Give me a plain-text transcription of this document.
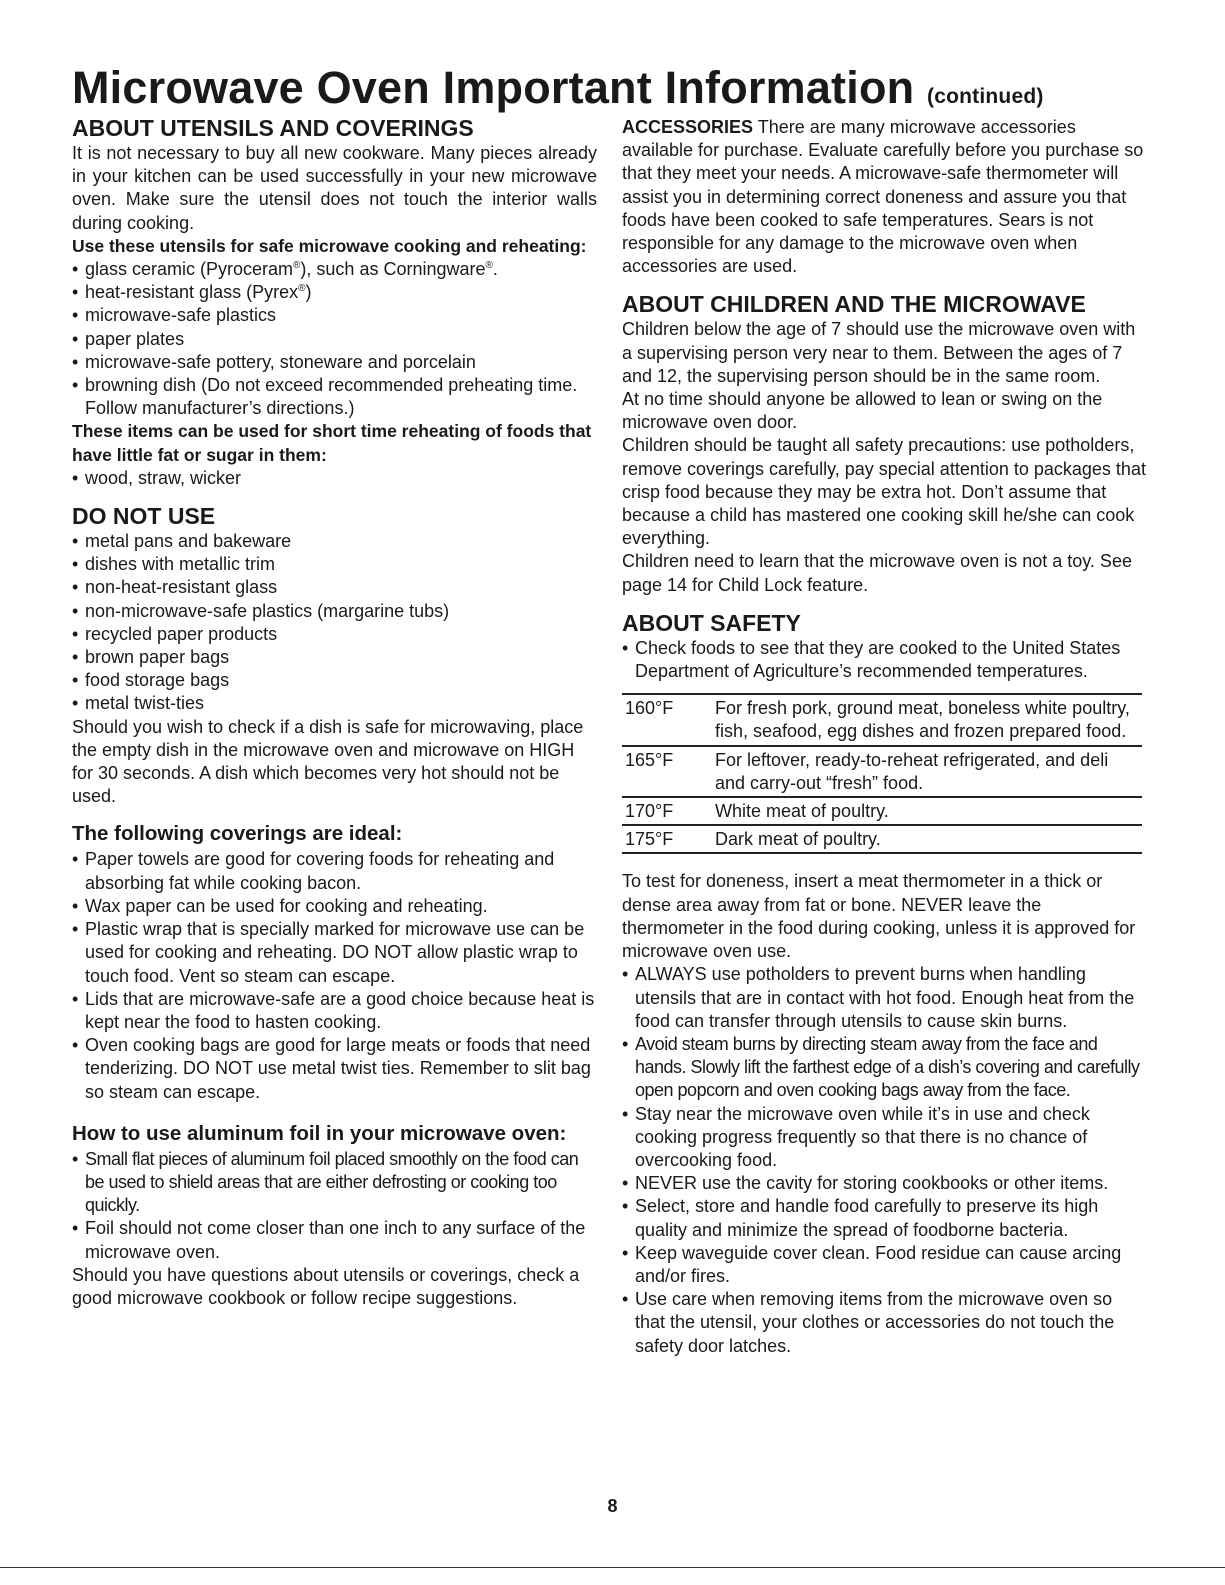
Microwave Oven Important Information (continued)
ABOUT UTENSILS AND COVERINGS

It is not necessary to buy all new cookware. Many pieces already in your kitchen can be used successfully in your new microwave oven. Make sure the utensil does not touch the interior walls during cooking.

Use these utensils for safe microwave cooking and reheating:

• glass ceramic (Pyroceram®), such as Corningware®.
• heat-resistant glass (Pyrex®)
• microwave-safe plastics
• paper plates
• microwave-safe pottery, stoneware and porcelain
• browning dish (Do not exceed recommended preheating time. Follow manufacturer’s directions.)

These items can be used for short time reheating of foods that have little fat or sugar in them:

• wood, straw, wicker
DO NOT USE
• metal pans and bakeware
• dishes with metallic trim
• non-heat-resistant glass
• non-microwave-safe plastics (margarine tubs)
• recycled paper products
• brown paper bags
• food storage bags
• metal twist-ties

Should you wish to check if a dish is safe for microwaving, place the empty dish in the microwave oven and microwave on HIGH for 30 seconds. A dish which becomes very hot should not be used.

The following coverings are ideal:
• Paper towels are good for covering foods for reheating and absorbing fat while cooking bacon.
• Wax paper can be used for cooking and reheating.
• Plastic wrap that is specially marked for microwave use can be used for cooking and reheating. DO NOT allow plastic wrap to touch food. Vent so steam can escape.
• Lids that are microwave-safe are a good choice because heat is kept near the food to hasten cooking.
• Oven cooking bags are good for large meats or foods that need tenderizing. DO NOT use metal twist ties. Remember to slit bag so steam can escape.
How to use aluminum foil in your microwave oven:
• Small flat pieces of aluminum foil placed smoothly on the food can be used to shield areas that are either defrosting or cooking too quickly.
• Foil should not come closer than one inch to any surface of the microwave oven.

Should you have questions about utensils or coverings, check a good microwave cookbook or follow recipe suggestions.

ACCESSORIES There are many microwave accessories available for purchase. Evaluate carefully before you purchase so that they meet your needs. A microwave-safe thermometer will assist you in determining correct doneness and assure you that foods have been cooked to safe temperatures. Sears is not responsible for any damage to the microwave oven when accessories are used.

ABOUT CHILDREN AND THE MICROWAVE

Children below the age of 7 should use the microwave oven with a supervising person very near to them. Between the ages of 7 and 12, the supervising person should be in the same room.

At no time should anyone be allowed to lean or swing on the microwave oven door.

Children should be taught all safety precautions: use potholders, remove coverings carefully, pay special attention to packages that crisp food because they may be extra hot. Don’t assume that because a child has mastered one cooking skill he/she can cook everything.

Children need to learn that the microwave oven is not a toy. See page 14 for Child Lock feature.

ABOUT SAFETY
• Check foods to see that they are cooked to the United States Department of Agriculture’s recommended temperatures.
160°F	For fresh pork, ground meat, boneless white poultry, fish, seafood, egg dishes and frozen prepared food.
165°F	For leftover, ready-to-reheat refrigerated, and deli and carry-out “fresh” food.
170°F	White meat of poultry.
175°F	Dark meat of poultry.

To test for doneness, insert a meat thermometer in a thick or dense area away from fat or bone. NEVER leave the thermometer in the food during cooking, unless it is approved for microwave oven use.

• ALWAYS use potholders to prevent burns when handling utensils that are in contact with hot food. Enough heat from the food can transfer through utensils to cause skin burns.
• Avoid steam burns by directing steam away from the face and hands. Slowly lift the farthest edge of a dish’s covering and carefully open popcorn and oven cooking bags away from the face.
• Stay near the microwave oven while it’s in use and check cooking progress frequently so that there is no chance of overcooking food.
• NEVER use the cavity for storing cookbooks or other items.
• Select, store and handle food carefully to preserve its high quality and minimize the spread of foodborne bacteria.
• Keep waveguide cover clean. Food residue can cause arcing and/or fires.
• Use care when removing items from the microwave oven so that the utensil, your clothes or accessories do not touch the safety door latches.
8
